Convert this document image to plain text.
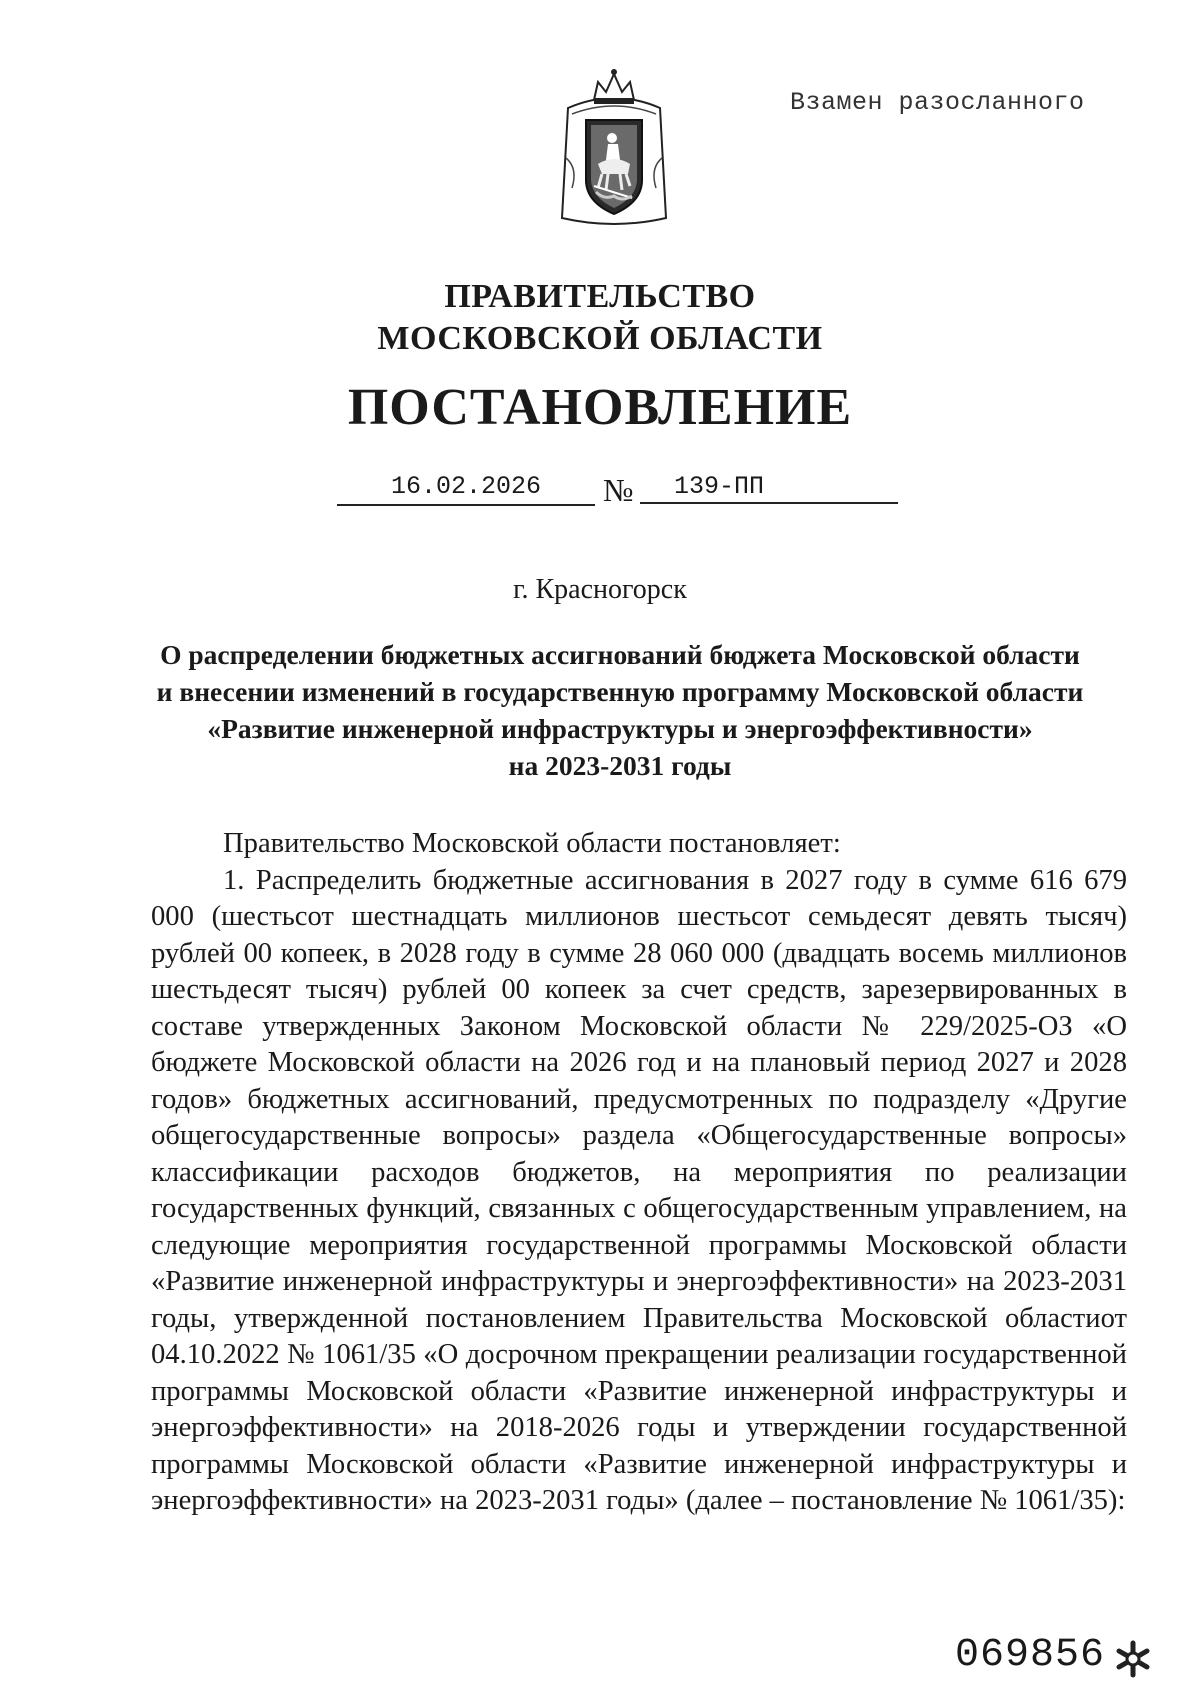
Взамен разосланного
ПРАВИТЕЛЬСТВО
МОСКОВСКОЙ ОБЛАСТИ
ПОСТАНОВЛЕНИЕ
16.02.2026	№	139-ПП
г. Красногорск
О распределении бюджетных ассигнований бюджета Московской области
и внесении изменений в государственную программу Московской области
«Развитие инженерной инфраструктуры и энергоэффективности»
на 2023-2031 годы

Правительство Московской области постановляет:

1. Распределить бюджетные ассигнования в 2027 году в сумме 616 679 000 (шестьсот шестнадцать миллионов шестьсот семьдесят девять тысяч) рублей 00 копеек, в 2028 году в сумме 28 060 000 (двадцать восемь миллионов шестьдесят тысяч) рублей 00 копеек за счет средств, зарезервированных в составе утвержденных Законом Московской области № 229/2025-ОЗ «О бюджете Московской области на 2026 год и на плановый период 2027 и 2028 годов» бюджетных ассигнований, предусмотренных по подразделу «Другие общегосударственные вопросы» раздела «Общегосударственные вопросы» классификации расходов бюджетов, на мероприятия по реализации государственных функций, связанных с общегосударственным управлением, на следующие мероприятия государственной программы Московской области «Развитие инженерной инфраструктуры и энергоэффективности» на 2023-2031 годы, утвержденной постановлением Правительства Московской областиот 04.10.2022 № 1061/35 «О досрочном прекращении реализации государственной программы Московской области «Развитие инженерной инфраструктуры и энергоэффективности» на 2018-2026 годы и утверждении государственной программы Московской области «Развитие инженерной инфраструктуры и энергоэффективности» на 2023-2031 годы» (далее – постановление № 1061/35):

069856
